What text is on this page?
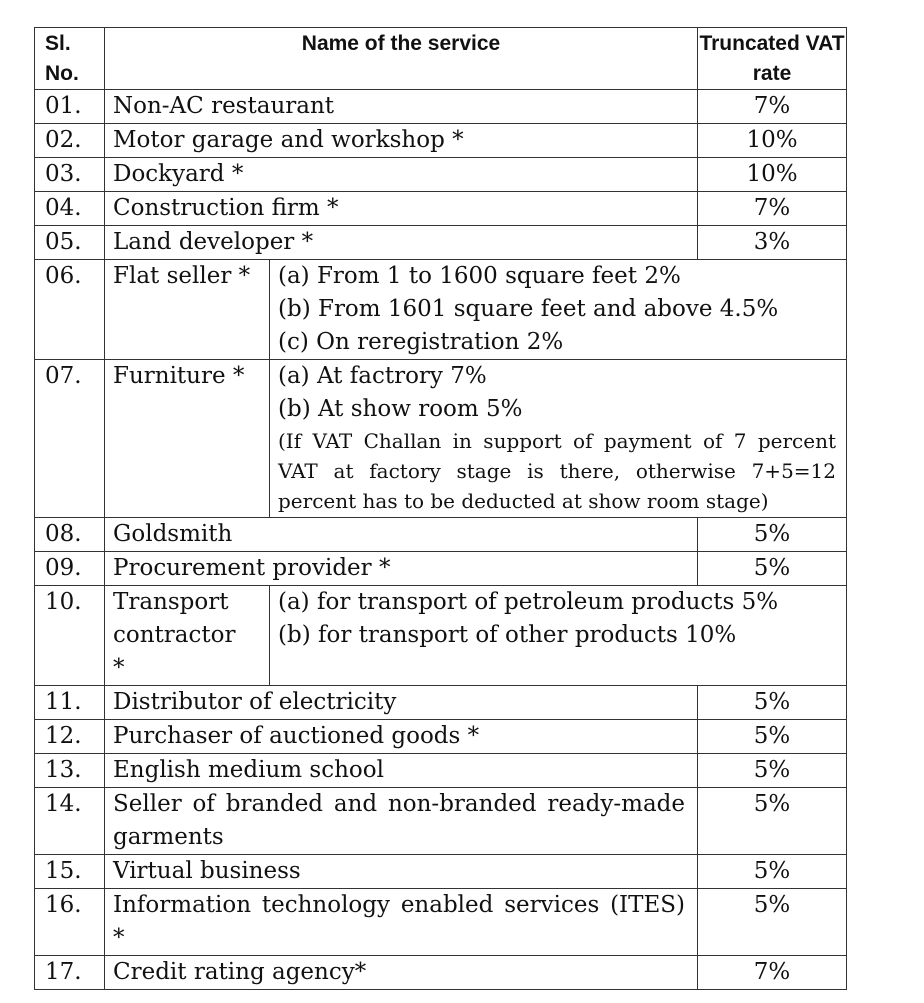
Sl. No.	Name of the service		Truncated VAT rate
01.	Non-AC restaurant		7%
02.	Motor garage and workshop *		10%
03.	Dockyard *		10%
04.	Construction firm *		7%
05.	Land developer *		3%
06.	Flat seller *	(a) From 1 to 1600 square feet 2%
(b) From 1601 square feet and above 4.5%
(c) On reregistration 2%	

07.	Furniture *	(a) At factrory 7%
(b) At show room 5%
(If VAT Challan in support of payment of 7 percent VAT at factory stage is there, otherwise 7+5=12 percent has to be deducted at show room stage)	

08.	Goldsmith		5%
09.	Procurement provider *		5%
10.	Transport contractor *	(a) for transport of petroleum products 5%
(b) for transport of other products 10%	

11.	Distributor of electricity		5%
12.	Purchaser of auctioned goods *		5%
13.	English medium school		5%
14.	Seller of branded and non-branded ready-made garments		5%
15.	Virtual business		5%
16.	Information technology enabled services (ITES) *		5%
17.	Credit rating agency*		7%
